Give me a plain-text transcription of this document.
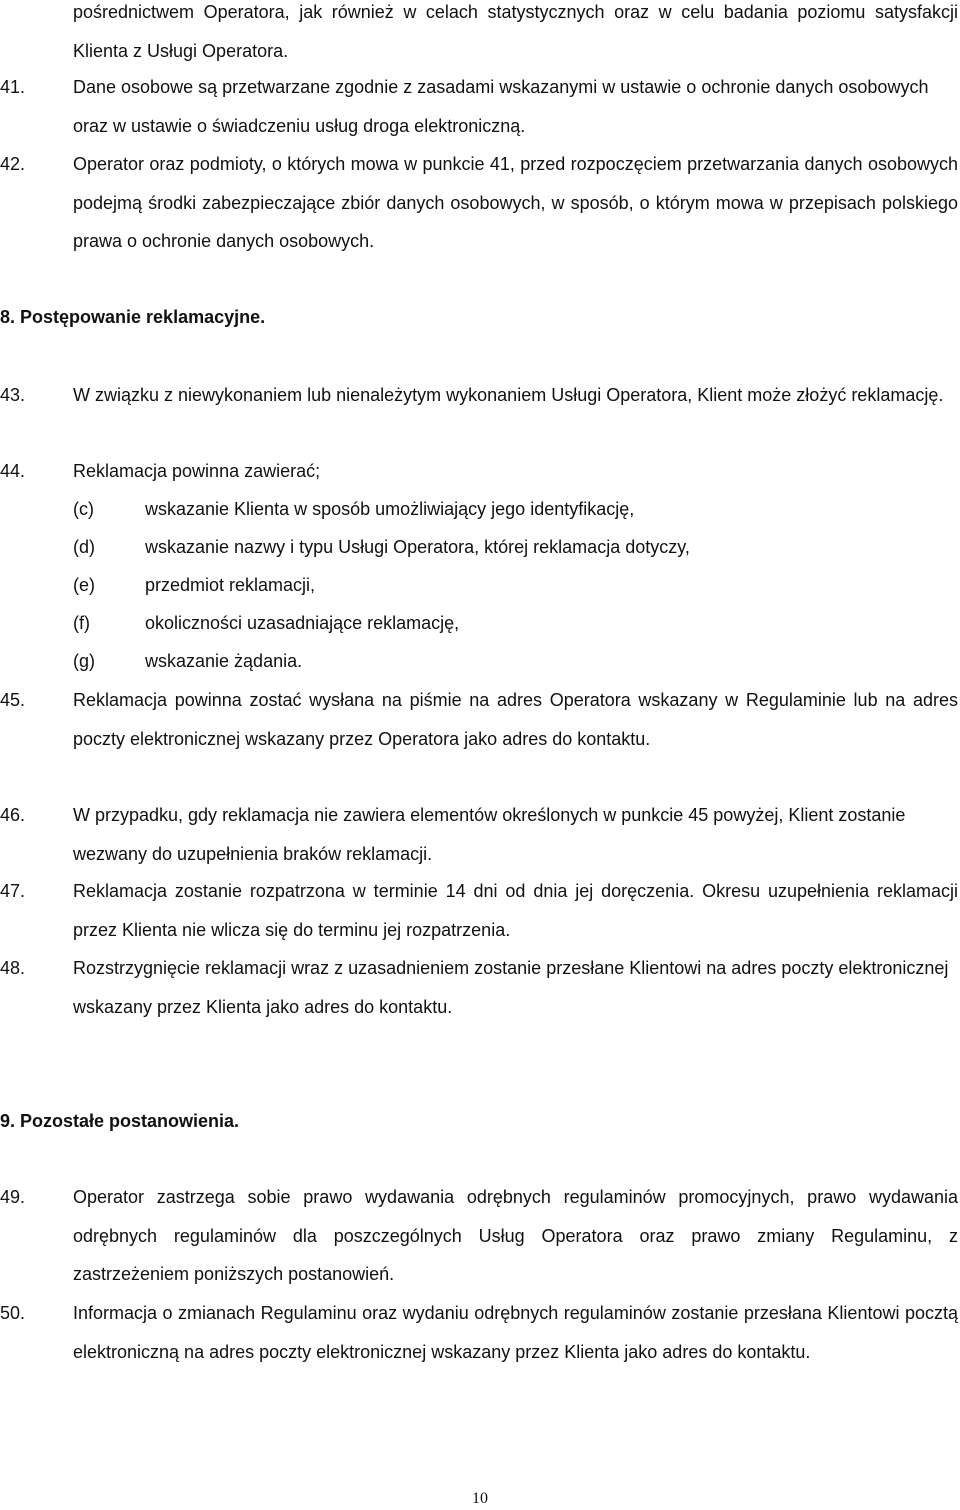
pośrednictwem Operatora, jak również w celach statystycznych oraz w celu badania poziomu satysfakcji Klienta z Usługi Operatora.

41.	Dane osobowe są przetwarzane zgodnie z zasadami wskazanymi w ustawie o ochronie danych osobowych oraz w ustawie o świadczeniu usług droga elektroniczną.
42.	Operator oraz podmioty, o których mowa w punkcie 41, przed rozpoczęciem przetwarzania danych osobowych podejmą środki zabezpieczające zbiór danych osobowych, w sposób, o którym mowa w przepisach polskiego prawa o ochronie danych osobowych.
8. Postępowanie reklamacyjne.
43.	W związku z niewykonaniem lub nienależytym wykonaniem Usługi Operatora, Klient może złożyć reklamację.
44.	Reklamacja powinna zawierać;
(c)	wskazanie Klienta w sposób umożliwiający jego identyfikację,
(d)	wskazanie nazwy i typu Usługi Operatora, której reklamacja dotyczy,
(e)	przedmiot reklamacji,
(f)	okoliczności uzasadniające reklamację,
(g)	wskazanie żądania.
45.	Reklamacja powinna zostać wysłana na piśmie na adres Operatora wskazany w Regulaminie lub na adres poczty elektronicznej wskazany przez Operatora jako adres do kontaktu.
46.	W przypadku, gdy reklamacja nie zawiera elementów określonych w punkcie 45 powyżej, Klient zostanie wezwany do uzupełnienia braków reklamacji.
47.	Reklamacja zostanie rozpatrzona w terminie 14 dni od dnia jej doręczenia. Okresu uzupełnienia reklamacji przez Klienta nie wlicza się do terminu jej rozpatrzenia.
48.	Rozstrzygnięcie reklamacji wraz z uzasadnieniem zostanie przesłane Klientowi na adres poczty elektronicznej wskazany przez Klienta jako adres do kontaktu.
9. Pozostałe postanowienia.
49.	Operator zastrzega sobie prawo wydawania odrębnych regulaminów promocyjnych, prawo wydawania odrębnych regulaminów dla poszczególnych Usług Operatora oraz prawo zmiany Regulaminu, z zastrzeżeniem poniższych postanowień.
50.	Informacja o zmianach Regulaminu oraz wydaniu odrębnych regulaminów zostanie przesłana Klientowi pocztą elektroniczną na adres poczty elektronicznej wskazany przez Klienta jako adres do kontaktu.
10
